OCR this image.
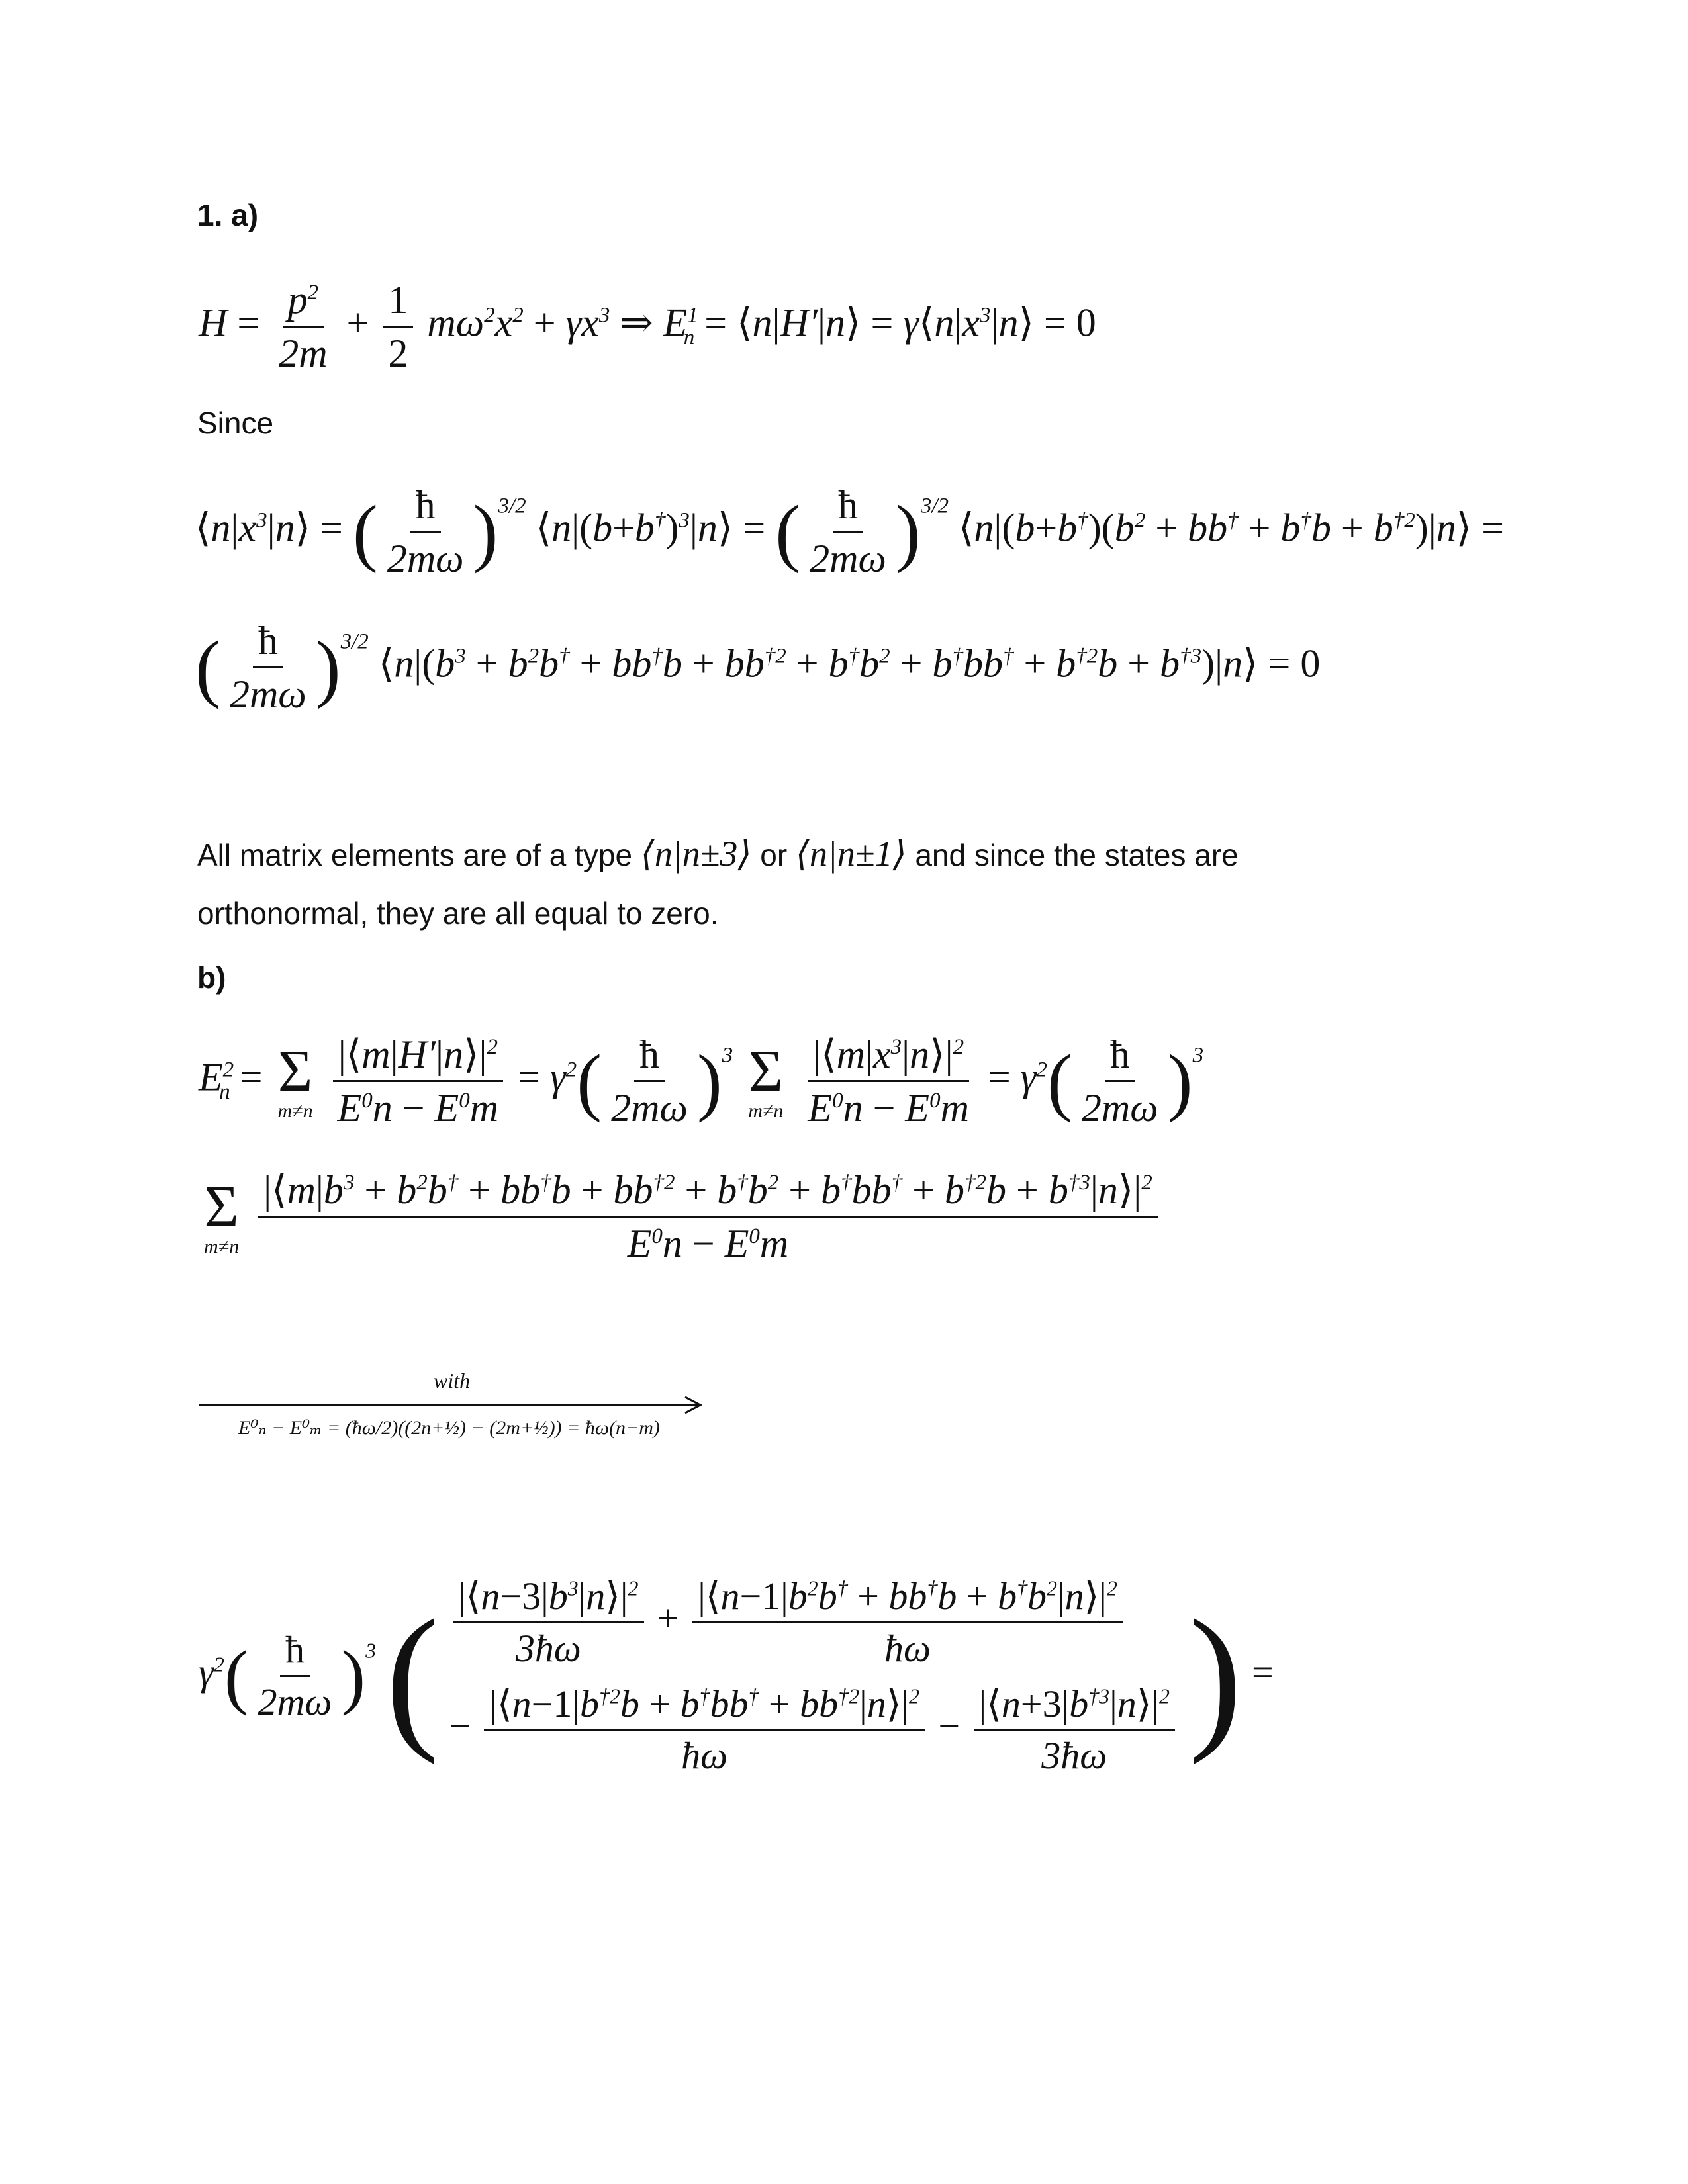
1. a)
$H = \frac{p^2}{2m} + \frac{1}{2} m\omega^2x^2 + \gamma x^3$ ⇒ $E^1_n$ = ⟨n|H′|n⟩ = $\gamma⟨n|x^3|n⟩ = 0$
Since
$⟨n|x^3|n⟩$ = ( $\frac{ħ}{2m\omega} )^{3/2}$ $⟨n|(b+b^\dagger)^3|n⟩$ = ( $\frac{ħ}{2m\omega} )^{3/2}$ $⟨n|(b+b^\dagger)(b^2 + bb^\dagger + b^\dagger b$ + $b^{\dagger 2})|n⟩$ =
( $\frac{ħ}{2m\omega} )^{3/2}$ $⟨n|(b^3 + b^2b^\dagger + bb^\dagger b + bb^{\dagger 2} + b^\dagger b^2 + b^\dagger bb^\dagger + b^{\dagger 2}b$ + $b^{\dagger 3})|n⟩ = 0$
All matrix elements are of a type ⟨n|n±3⟩ or ⟨n|n±1⟩ and since the states are
orthonormal, they are all equal to zero.
b)
$E^2_n = \Sigma$
m≠n
$\frac{|⟨m|H'|n⟩|^2}{E^0n - E^0m} = \gamma^2( \frac{ħ}{2m\omega} )^3$ Σ
m≠n
$\frac{|⟨m|x^3|n⟩|^2}{E^0n - E^0m} = \gamma^2( \frac{ħ}{2m\omega} )^3$
Σ
m≠n
$\frac{|⟨m|b^3 + b^2b^\dagger + bb^\dagger b + bb^{\dagger 2} + b^\dagger b^2 + b^\dagger bb^\dagger + b^{\dagger 2}b + b^{\dagger 3}|n⟩|^2}{E^0n - E^0m}$
with
E⁰ₙ − E⁰ₘ = (ħω/2)((2n+½) − (2m+½)) = ħω(n−m)
$\gamma^2( \frac{ħ}{2m\omega} )^3$ ( $\frac{|⟨n-3|b^3|n⟩|^2}{3ħ\omega} + \frac{|⟨n-1|b^2b^\dagger + bb^\dagger b + b^\dagger b^2|n⟩|^2}{ħ\omega}$
− $\frac{|⟨n-1|b^{\dagger 2}b + b^\dagger bb^\dagger + bb^{\dagger 2}|n⟩|^2}{ħ\omega} - \frac{|⟨n+3|b^{\dagger 3}|n⟩|^2}{3ħ\omega}$ ) =
